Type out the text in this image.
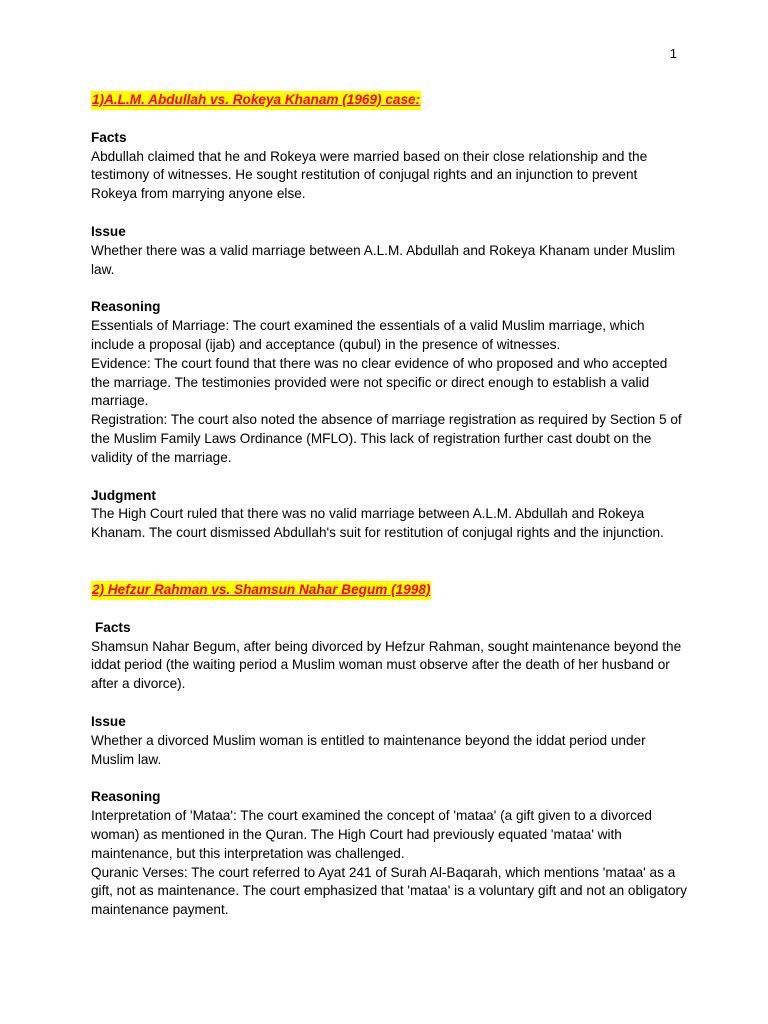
1

1)A.L.M. Abdullah vs. Rokeya Khanam (1969) case:

Facts

Abdullah claimed that he and Rokeya were married based on their close relationship and the testimony of witnesses. He sought restitution of conjugal rights and an injunction to prevent Rokeya from marrying anyone else.

Issue

Whether there was a valid marriage between A.L.M. Abdullah and Rokeya Khanam under Muslim law.

Reasoning

Essentials of Marriage: The court examined the essentials of a valid Muslim marriage, which include a proposal (ijab) and acceptance (qubul) in the presence of witnesses.

Evidence: The court found that there was no clear evidence of who proposed and who accepted the marriage. The testimonies provided were not specific or direct enough to establish a valid marriage.

Registration: The court also noted the absence of marriage registration as required by Section 5 of the Muslim Family Laws Ordinance (MFLO). This lack of registration further cast doubt on the validity of the marriage.

Judgment

The High Court ruled that there was no valid marriage between A.L.M. Abdullah and Rokeya Khanam. The court dismissed Abdullah's suit for restitution of conjugal rights and the injunction.

2) Hefzur Rahman vs. Shamsun Nahar Begum (1998)

Facts

Shamsun Nahar Begum, after being divorced by Hefzur Rahman, sought maintenance beyond the iddat period (the waiting period a Muslim woman must observe after the death of her husband or after a divorce).

Issue

Whether a divorced Muslim woman is entitled to maintenance beyond the iddat period under Muslim law.

Reasoning

Interpretation of 'Mataa': The court examined the concept of 'mataa' (a gift given to a divorced woman) as mentioned in the Quran. The High Court had previously equated 'mataa' with maintenance, but this interpretation was challenged.

Quranic Verses: The court referred to Ayat 241 of Surah Al-Baqarah, which mentions 'mataa' as a gift, not as maintenance. The court emphasized that 'mataa' is a voluntary gift and not an obligatory maintenance payment.
